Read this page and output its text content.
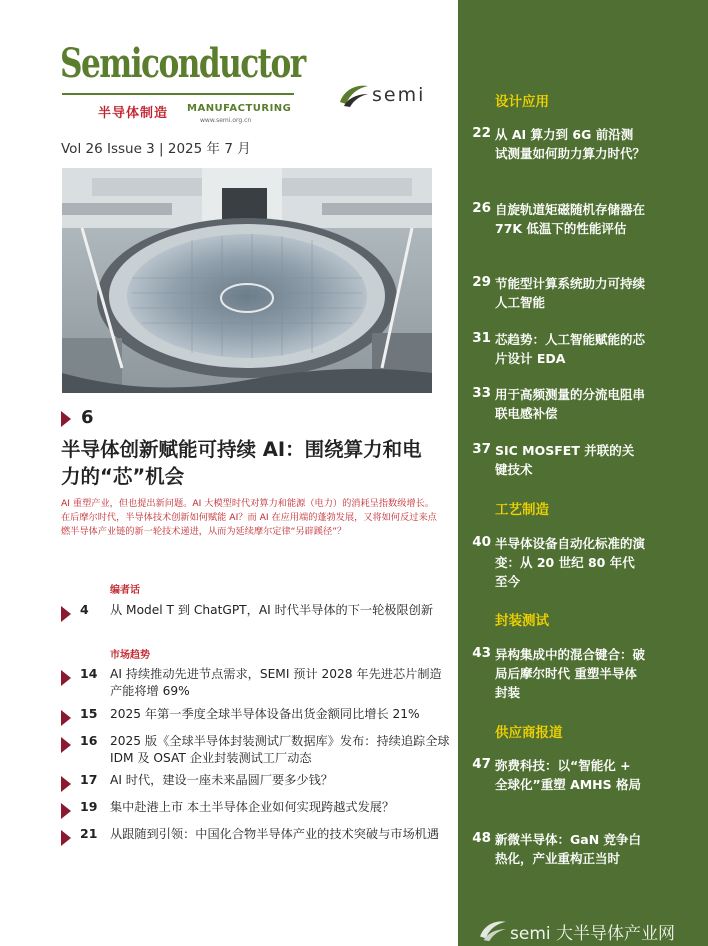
Semiconductor
半导体制造 MANUFACTURING
www.semi.org.cn
semi
Vol 26 Issue 3 | 2025 年 7 月
6
半导体创新赋能可持续 AI：围绕算力和电力的“芯”机会
AI 重塑产业，但也提出新问题。AI 大模型时代对算力和能源（电力）的消耗呈指数级增长。在后摩尔时代，半导体技术创新如何赋能 AI？而 AI 在应用端的蓬勃发展，又将如何反过来点燃半导体产业链的新一轮技术递进，从而为延续摩尔定律“另辟蹊径”？
编者话
4	从 Model T 到 ChatGPT，AI 时代半导体的下一轮极限创新
市场趋势
14	AI 持续推动先进节点需求，SEMI 预计 2028 年先进芯片制造产能将增 69%
15	2025 年第一季度全球半导体设备出货金额同比增长 21%
16	2025 版《全球半导体封装测试厂数据库》发布：持续追踪全球 IDM 及 OSAT 企业封装测试工厂动态
17	AI 时代，建设一座未来晶圆厂要多少钱？
19	集中赴港上市 本土半导体企业如何实现跨越式发展？
21	从跟随到引领：中国化合物半导体产业的技术突破与市场机遇
设计应用
22 从 AI 算力到 6G 前沿测试测量如何助力算力时代？
26 自旋轨道矩磁随机存储器在 77K 低温下的性能评估
29 节能型计算系统助力可持续人工智能
31 芯趋势：人工智能赋能的芯片设计 EDA
33 用于高频测量的分流电阻串联电感补偿
37 SIC MOSFET 并联的关键技术
工艺制造
40 半导体设备自动化标准的演变：从 20 世纪 80 年代至今
封装测试
43 异构集成中的混合键合：破局后摩尔时代 重塑半导体封装
供应商报道
47 弥费科技：以“智能化 + 全球化”重塑 AMHS 格局
48 新微半导体：GaN 竞争白热化，产业重构正当时
semi 大半导体产业网
